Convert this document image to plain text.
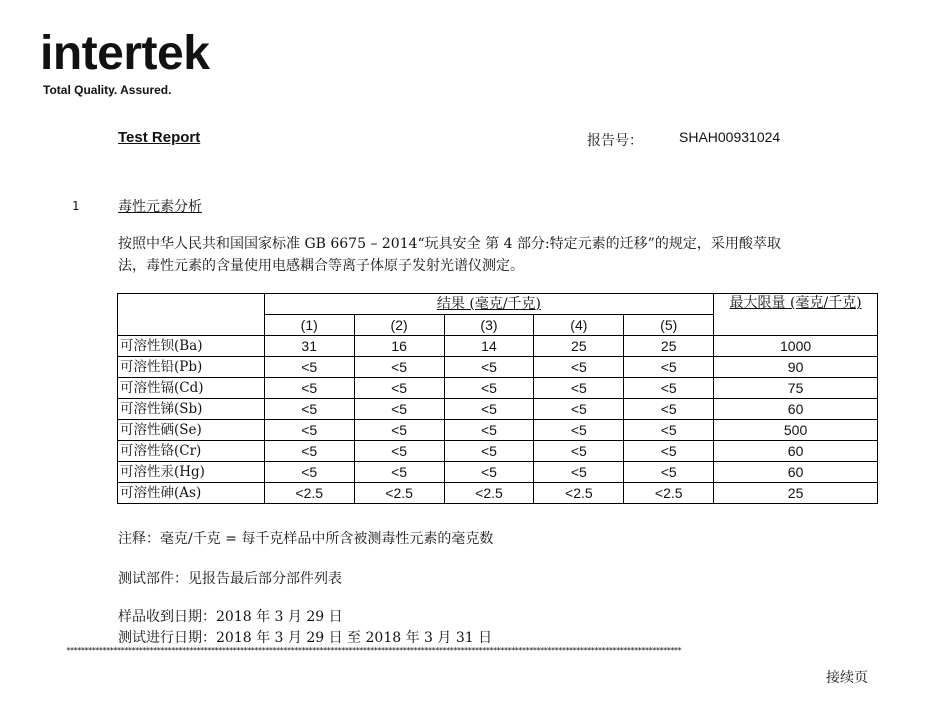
intertek
Total Quality. Assured.
Test Report	报告号：	SHAH00931024
1	毒性元素分析
按照中华人民共和国国家标准 GB 6675 – 2014“玩具安全 第 4 部分:特定元素的迁移”的规定，采用酸萃取
法，毒性元素的含量使用电感耦合等离子体原子发射光谱仪测定。
	结果 (毫克/千克)					最大限量 (毫克/千克)
	(1)	(2)	(3)	(4)	(5)	
可溶性钡(Ba)	31	16	14	25	25	1000
可溶性铅(Pb)	<5	<5	<5	<5	<5	90
可溶性镉(Cd)	<5	<5	<5	<5	<5	75
可溶性锑(Sb)	<5	<5	<5	<5	<5	60
可溶性硒(Se)	<5	<5	<5	<5	<5	500
可溶性铬(Cr)	<5	<5	<5	<5	<5	60
可溶性汞(Hg)	<5	<5	<5	<5	<5	60
可溶性砷(As)	<2.5	<2.5	<2.5	<2.5	<2.5	25
注释：毫克/千克 = 每千克样品中所含被测毒性元素的毫克数
测试部件：见报告最后部分部件列表
样品收到日期：2018 年 3 月 29 日
测试进行日期：2018 年 3 月 29 日 至 2018 年 3 月 31 日
**************************************************************************************************************************************************************************
接续页
